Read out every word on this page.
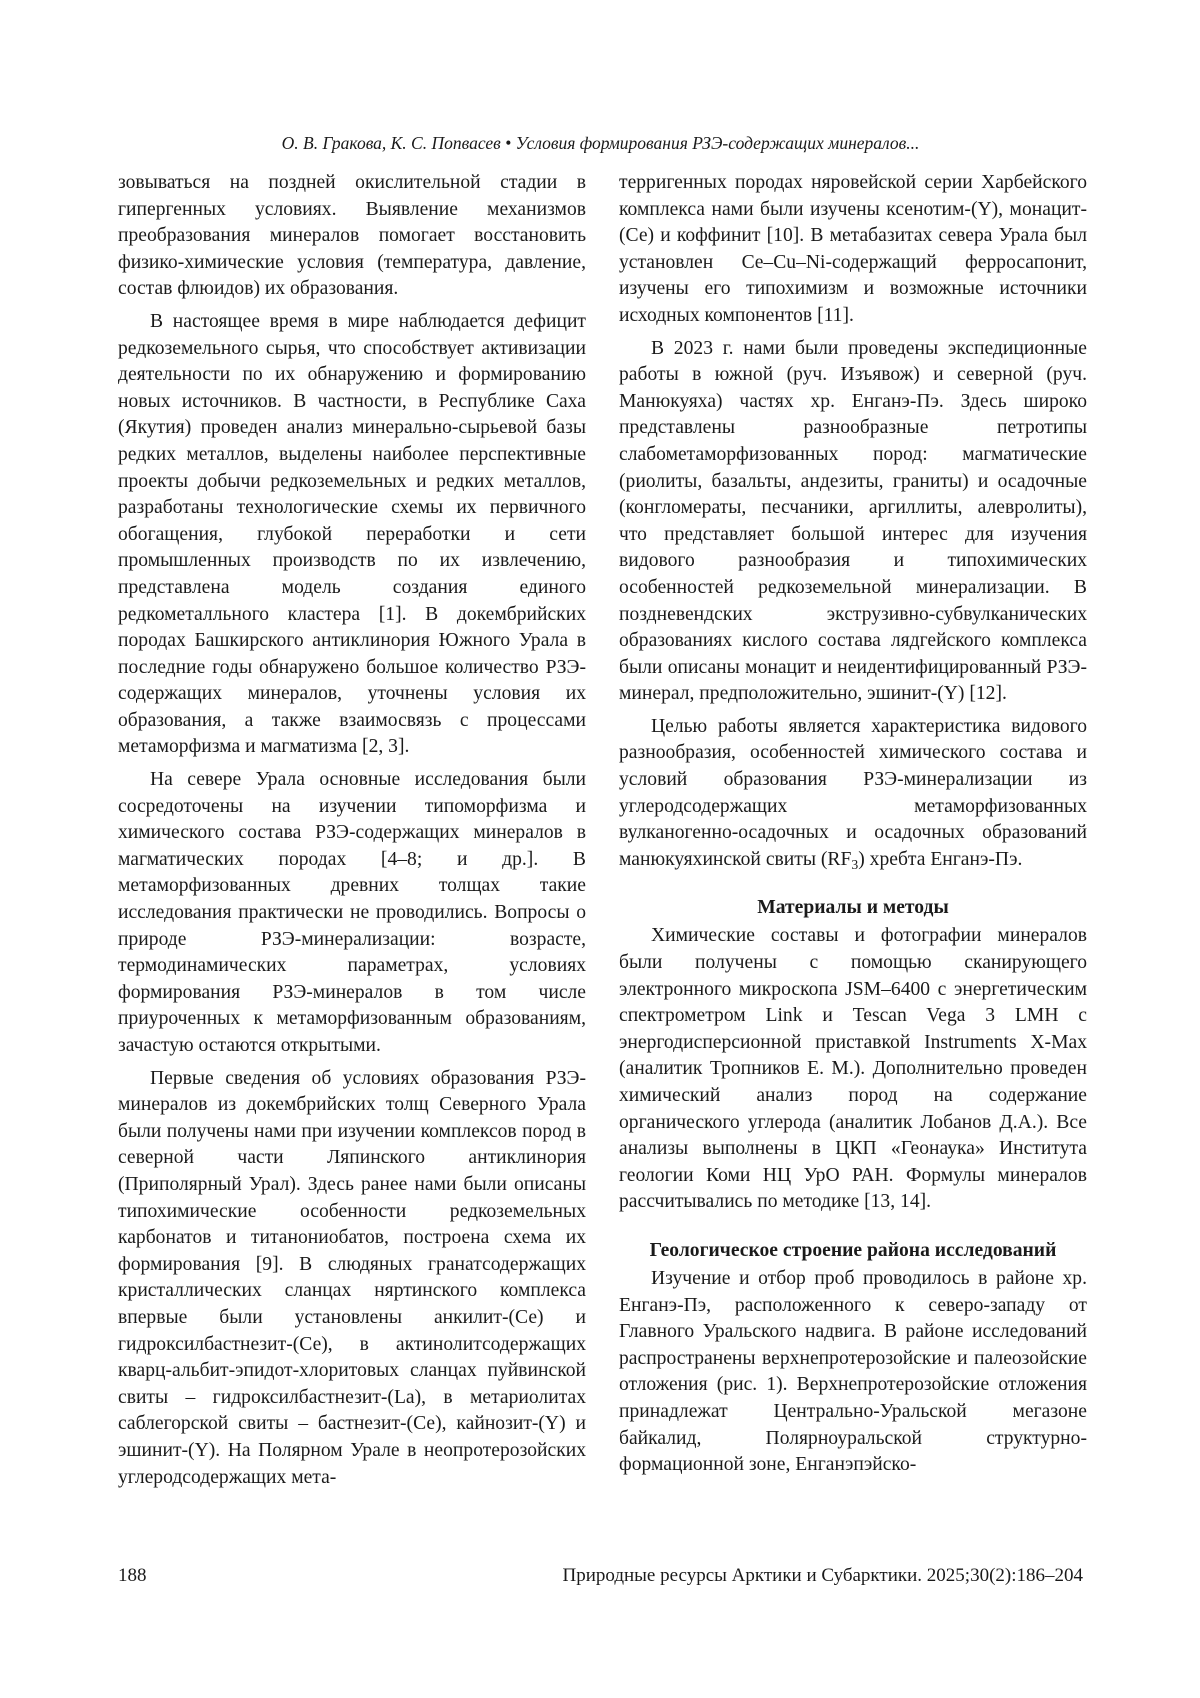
О. В. Гракова, К. С. Попвасев • Условия формирования РЗЭ-содержащих минералов...

зовываться на поздней окислительной стадии в гипергенных условиях. Выявление механизмов преобразования минералов помогает восстановить физико-химические условия (температура, давление, состав флюидов) их образования.

В настоящее время в мире наблюдается дефицит редкоземельного сырья, что способствует активизации деятельности по их обнаружению и формированию новых источников. В частности, в Республике Саха (Якутия) проведен анализ минерально-сырьевой базы редких металлов, выделены наиболее перспективные проекты добычи редкоземельных и редких металлов, разработаны технологические схемы их первичного обогащения, глубокой переработки и сети промышленных производств по их извлечению, представлена модель создания единого редкометалльного кластера [1]. В докембрийских породах Башкирского антиклинория Южного Урала в последние годы обнаружено большое количество РЗЭ-содержащих минералов, уточнены условия их образования, а также взаимосвязь с процессами метаморфизма и магматизма [2, 3].

На севере Урала основные исследования были сосредоточены на изучении типоморфизма и химического состава РЗЭ-содержащих минералов в магматических породах [4–8; и др.]. В метаморфизованных древних толщах такие исследования практически не проводились. Вопросы о природе РЗЭ-минерализации: возрасте, термодинамических параметрах, условиях формирования РЗЭ-минералов в том числе приуроченных к метаморфизованным образованиям, зачастую остаются открытыми.

Первые сведения об условиях образования РЗЭ-минералов из докембрийских толщ Северного Урала были получены нами при изучении комплексов пород в северной части Ляпинского антиклинория (Приполярный Урал). Здесь ранее нами были описаны типохимические особенности редкоземельных карбонатов и титанониобатов, построена схема их формирования [9]. В слюдяных гранатсодержащих кристаллических сланцах няртинского комплекса впервые были установлены анкилит-(Се) и гидроксилбастнезит-(Се), в актинолитсодержащих кварц-альбит-эпидот-хлоритовых сланцах пуйвинской свиты – гидроксилбастнезит-(La), в метариолитах саблегорской свиты – бастнезит-(Се), кайнозит-(Y) и эшинит-(Y). На Полярном Урале в неопротерозойских углеродсодержащих мета-

терригенных породах няровейской серии Харбейского комплекса нами были изучены ксенотим-(Y), монацит-(Се) и коффинит [10]. В метабазитах севера Урала был установлен Ce–Cu–Ni-содержащий ферросапонит, изучены его типохимизм и возможные источники исходных компонентов [11].

В 2023 г. нами были проведены экспедиционные работы в южной (руч. Изъявож) и северной (руч. Манюкуяха) частях хр. Енганэ-Пэ. Здесь широко представлены разнообразные петротипы слабометаморфизованных пород: магматические (риолиты, базальты, андезиты, граниты) и осадочные (конгломераты, песчаники, аргиллиты, алевролиты), что представляет большой интерес для изучения видового разнообразия и типохимических особенностей редкоземельной минерализации. В поздневендских экструзивно-субвулканических образованиях кислого состава лядгейского комплекса были описаны монацит и неидентифицированный РЗЭ-минерал, предположительно, эшинит-(Y) [12].

Целью работы является характеристика видового разнообразия, особенностей химического состава и условий образования РЗЭ-минерализации из углеродсодержащих метаморфизованных вулканогенно-осадочных и осадочных образований манюкуяхинской свиты $(RF_3)$ хребта Енганэ-Пэ.

Материалы и методы

Химические составы и фотографии минералов были получены с помощью сканирующего электронного микроскопа JSM–6400 с энергетическим спектрометром Link и Tescan Vega 3 LMH с энергодисперсионной приставкой Instruments X-Max (аналитик Тропников Е. М.). Дополнительно проведен химический анализ пород на содержание органического углерода (аналитик Лобанов Д.А.). Все анализы выполнены в ЦКП «Геонаука» Института геологии Коми НЦ УрО РАН. Формулы минералов рассчитывались по методике [13, 14].

Геологическое строение района исследований

Изучение и отбор проб проводилось в районе хр. Енганэ-Пэ, расположенного к северо-западу от Главного Уральского надвига. В районе исследований распространены верхнепротерозойские и палеозойские отложения (рис. 1). Верхнепротерозойские отложения принадлежат Центрально-Уральской мегазоне байкалид, Полярноуральской структурно-формационной зоне, Енганэпэйско-

188	Природные ресурсы Арктики и Субарктики. 2025;30(2):186–204
